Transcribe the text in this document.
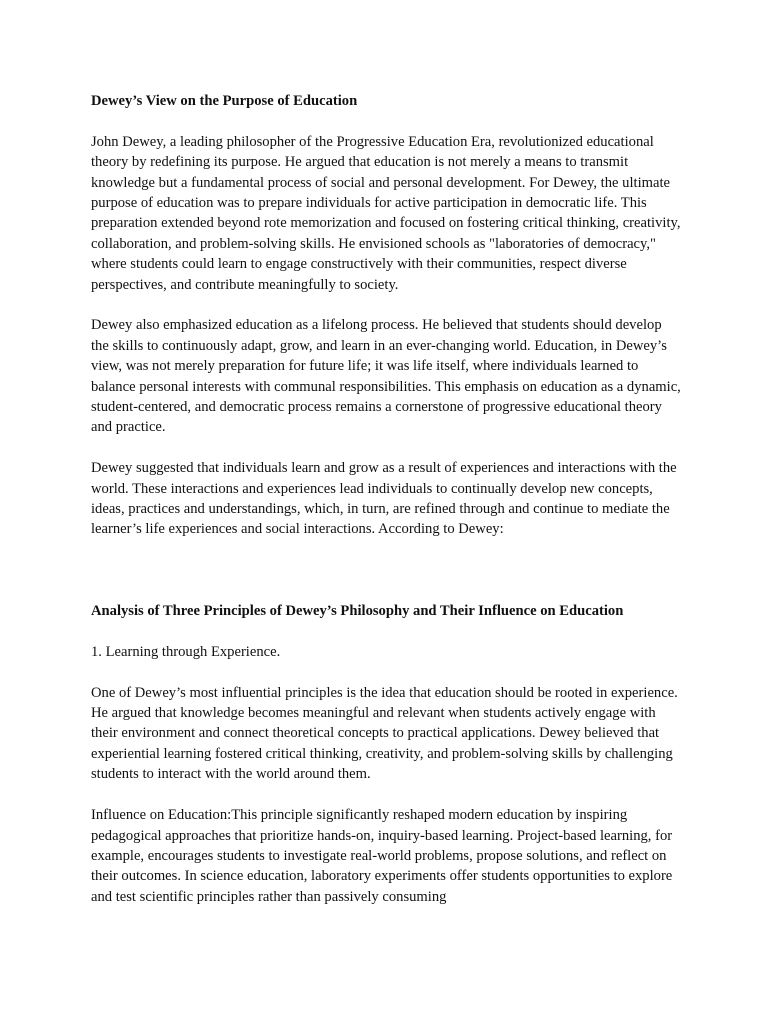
Dewey’s View on the Purpose of Education

John Dewey, a leading philosopher of the Progressive Education Era, revolutionized educational theory by redefining its purpose. He argued that education is not merely a means to transmit knowledge but a fundamental process of social and personal development. For Dewey, the ultimate purpose of education was to prepare individuals for active participation in democratic life. This preparation extended beyond rote memorization and focused on fostering critical thinking, creativity, collaboration, and problem-solving skills. He envisioned schools as "laboratories of democracy," where students could learn to engage constructively with their communities, respect diverse perspectives, and contribute meaningfully to society.

Dewey also emphasized education as a lifelong process. He believed that students should develop the skills to continuously adapt, grow, and learn in an ever-changing world. Education, in Dewey’s view, was not merely preparation for future life; it was life itself, where individuals learned to balance personal interests with communal responsibilities. This emphasis on education as a dynamic, student-centered, and democratic process remains a cornerstone of progressive educational theory and practice.

Dewey suggested that individuals learn and grow as a result of experiences and interactions with the world. These interactions and experiences lead individuals to continually develop new concepts, ideas, practices and understandings, which, in turn, are refined through and continue to mediate the learner’s life experiences and social interactions. According to Dewey:

Analysis of Three Principles of Dewey’s Philosophy and Their Influence on Education

1. Learning through Experience.

One of Dewey’s most influential principles is the idea that education should be rooted in experience. He argued that knowledge becomes meaningful and relevant when students actively engage with their environment and connect theoretical concepts to practical applications. Dewey believed that experiential learning fostered critical thinking, creativity, and problem-solving skills by challenging students to interact with the world around them.

Influence on Education:This principle significantly reshaped modern education by inspiring pedagogical approaches that prioritize hands-on, inquiry-based learning. Project-based learning, for example, encourages students to investigate real-world problems, propose solutions, and reflect on their outcomes. In science education, laboratory experiments offer students opportunities to explore and test scientific principles rather than passively consuming
